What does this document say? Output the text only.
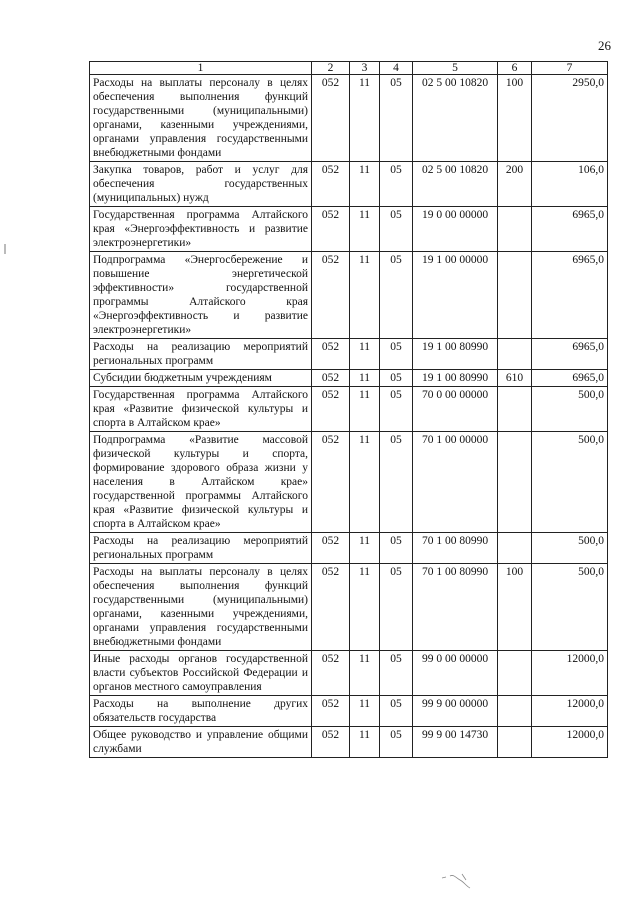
26
1	2	3	4	5	6	7
Расходы на выплаты персоналу в целях обеспечения выполнения функций государственными (муниципальными) органами, казенными учреждениями, органами управления государственными внебюджетными фондами	052	11	05	02 5 00 10820	100	2950,0
Закупка товаров, работ и услуг для обеспечения государственных (муниципальных) нужд	052	11	05	02 5 00 10820	200	106,0
Государственная программа Алтайского края «Энергоэффективность и развитие электроэнергетики»	052	11	05	19 0 00 00000		6965,0
Подпрограмма «Энергосбережение и повышение энергетической эффективности» государственной программы Алтайского края «Энергоэффективность и развитие электроэнергетики»	052	11	05	19 1 00 00000		6965,0
Расходы на реализацию мероприятий региональных программ	052	11	05	19 1 00 80990		6965,0
Субсидии бюджетным учреждениям	052	11	05	19 1 00 80990	610	6965,0
Государственная программа Алтайского края «Развитие физической культуры и спорта в Алтайском крае»	052	11	05	70 0 00 00000		500,0
Подпрограмма «Развитие массовой физической культуры и спорта, формирование здорового образа жизни у населения в Алтайском крае» государственной программы Алтайского края «Развитие физической культуры и спорта в Алтайском крае»	052	11	05	70 1 00 00000		500,0
Расходы на реализацию мероприятий региональных программ	052	11	05	70 1 00 80990		500,0
Расходы на выплаты персоналу в целях обеспечения выполнения функций государственными (муниципальными) органами, казенными учреждениями, органами управления государственными внебюджетными фондами	052	11	05	70 1 00 80990	100	500,0
Иные расходы органов государственной власти субъектов Российской Федерации и органов местного самоуправления	052	11	05	99 0 00 00000		12000,0
Расходы на выполнение других обязательств государства	052	11	05	99 9 00 00000		12000,0
Общее руководство и управление общими службами	052	11	05	99 9 00 14730		12000,0
